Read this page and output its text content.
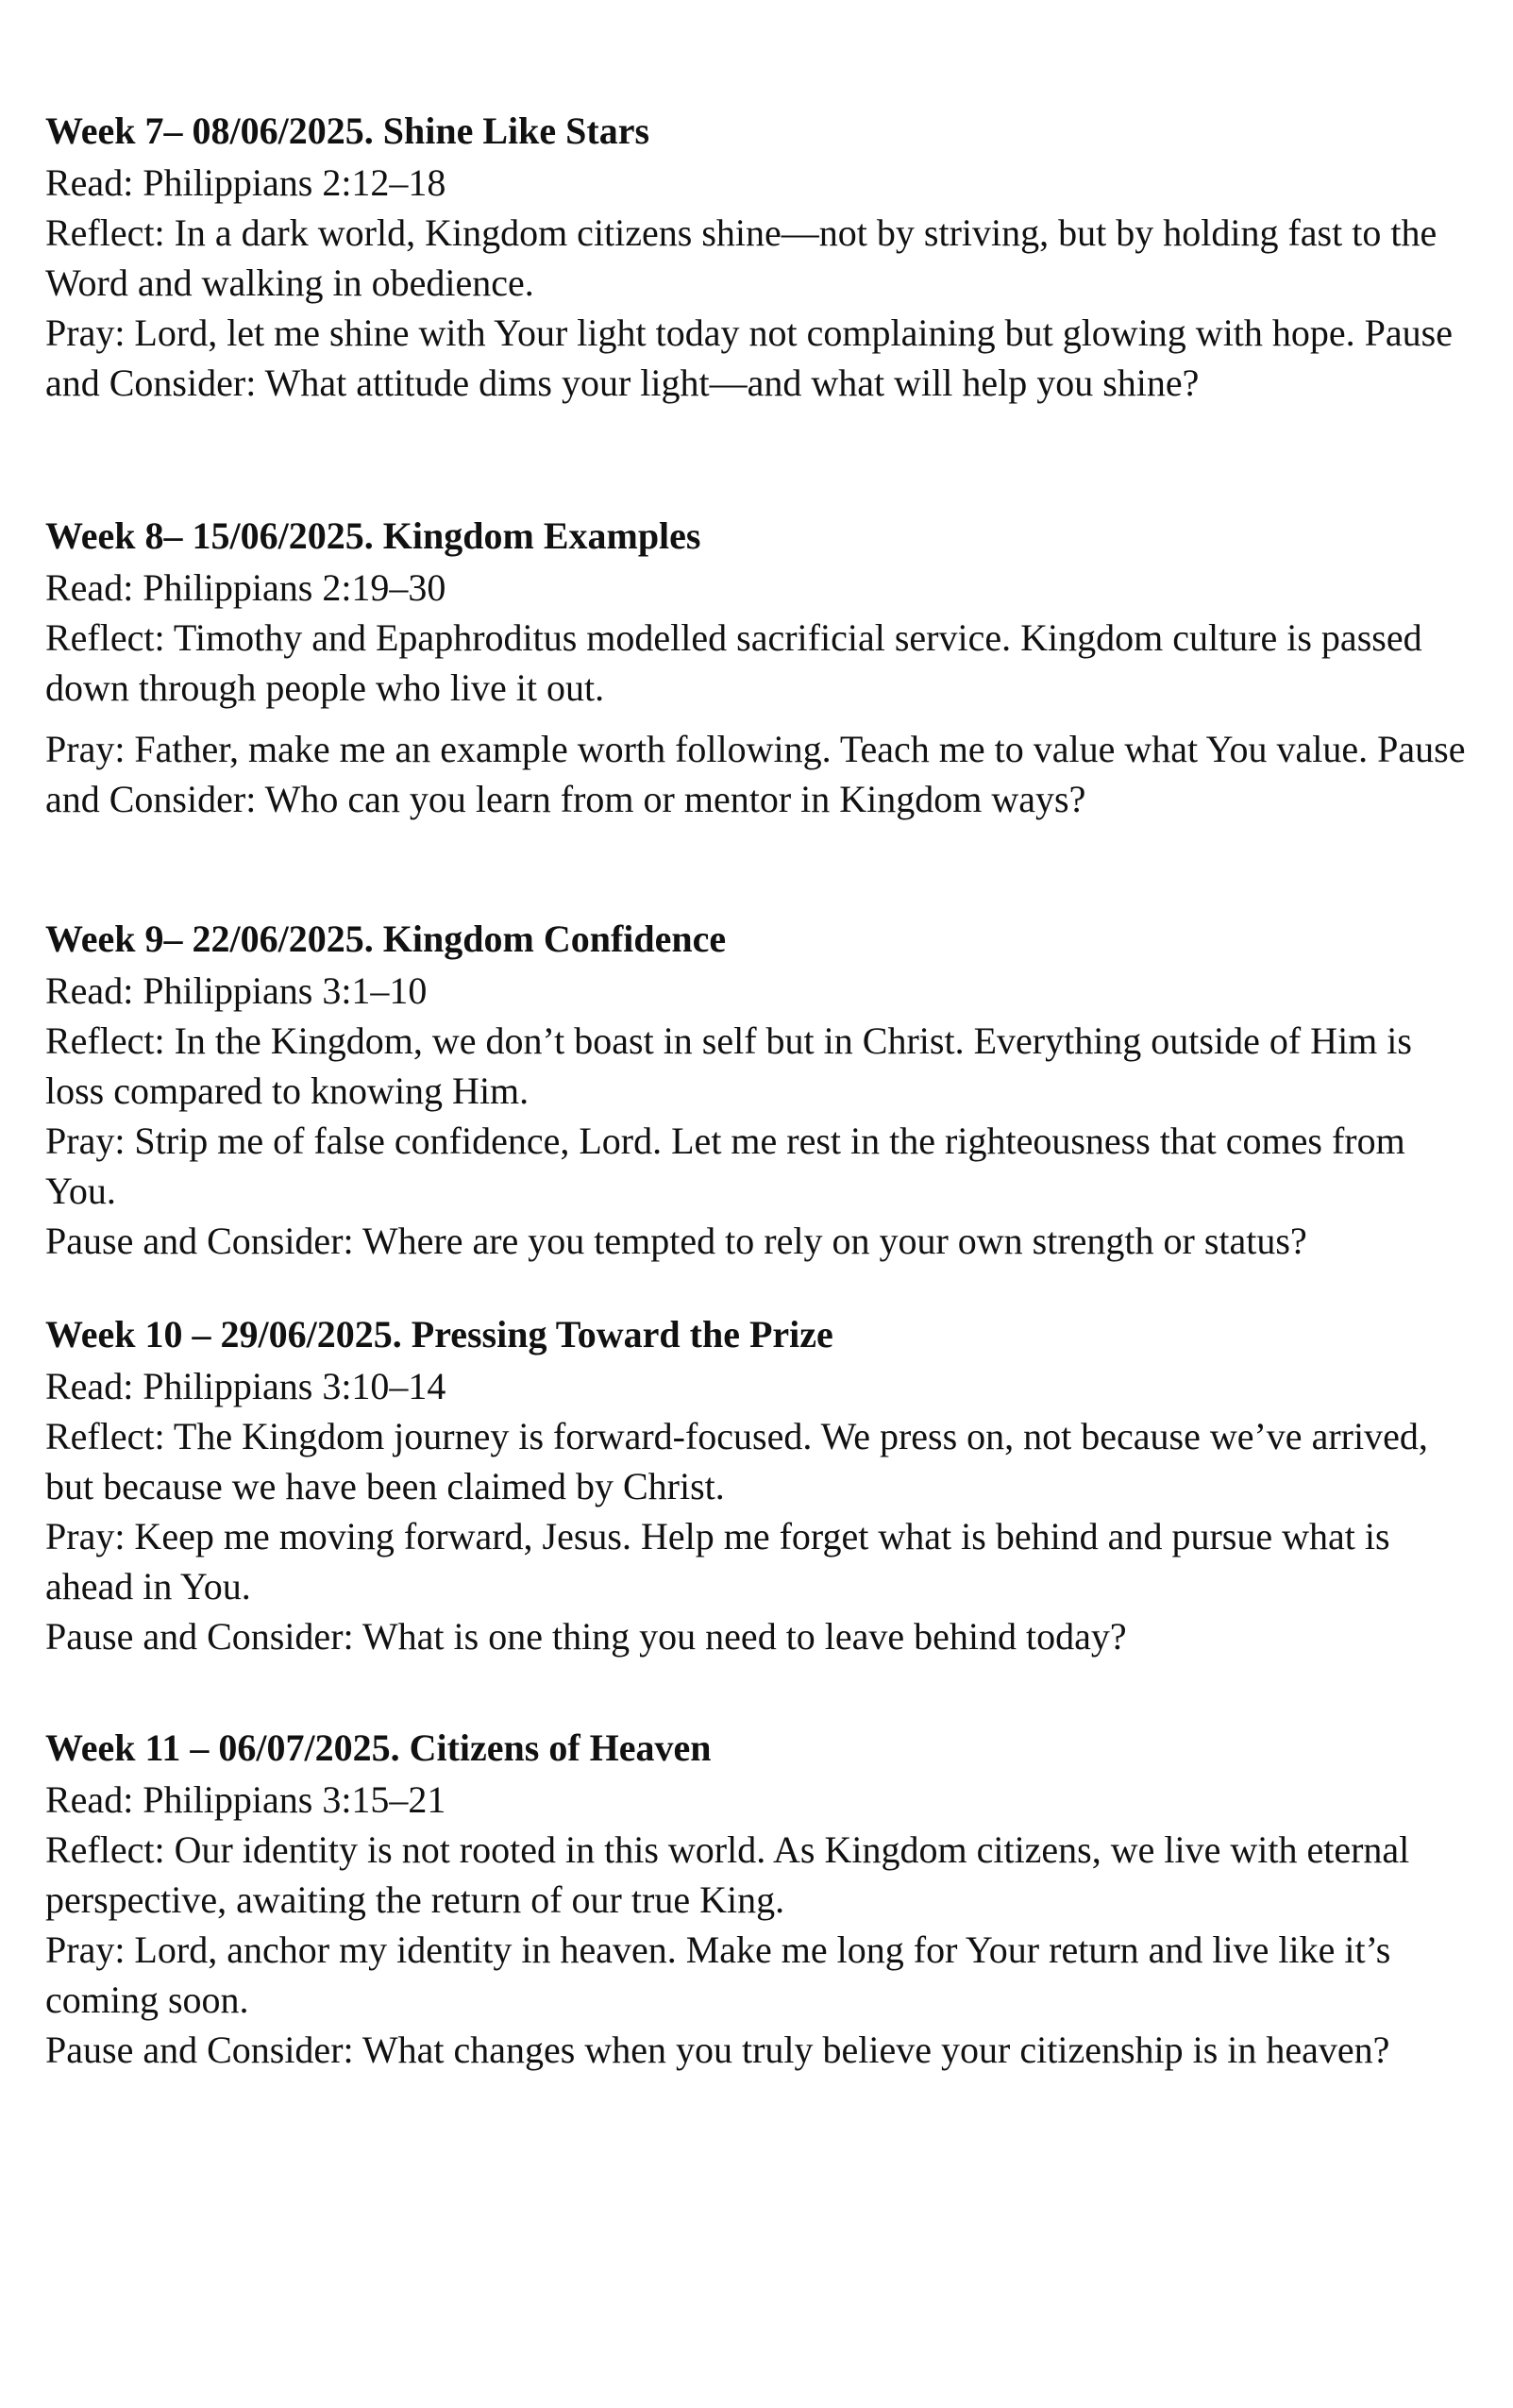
Week 7– 08/06/2025. Shine Like Stars

Read: Philippians 2:12–18

Reflect: In a dark world, Kingdom citizens shine—not by striving, but by holding fast to the Word and walking in obedience.

Pray: Lord, let me shine with Your light today not complaining but glowing with hope. Pause and Consider: What attitude dims your light—and what will help you shine?

Week 8– 15/06/2025. Kingdom Examples

Read: Philippians 2:19–30

Reflect: Timothy and Epaphroditus modelled sacrificial service. Kingdom culture is passed down through people who live it out.

Pray: Father, make me an example worth following. Teach me to value what You value. Pause and Consider: Who can you learn from or mentor in Kingdom ways?

Week 9– 22/06/2025. Kingdom Confidence

Read: Philippians 3:1–10

Reflect: In the Kingdom, we don’t boast in self but in Christ. Everything outside of Him is loss compared to knowing Him.

Pray: Strip me of false confidence, Lord. Let me rest in the righteousness that comes from You.

Pause and Consider: Where are you tempted to rely on your own strength or status?

Week 10 – 29/06/2025. Pressing Toward the Prize

Read: Philippians 3:10–14

Reflect: The Kingdom journey is forward-focused. We press on, not because we’ve arrived, but because we have been claimed by Christ.

Pray: Keep me moving forward, Jesus. Help me forget what is behind and pursue what is ahead in You.

Pause and Consider: What is one thing you need to leave behind today?

Week 11 – 06/07/2025. Citizens of Heaven

Read: Philippians 3:15–21

Reflect: Our identity is not rooted in this world. As Kingdom citizens, we live with eternal perspective, awaiting the return of our true King.

Pray: Lord, anchor my identity in heaven. Make me long for Your return and live like it’s coming soon.

Pause and Consider: What changes when you truly believe your citizenship is in heaven?
